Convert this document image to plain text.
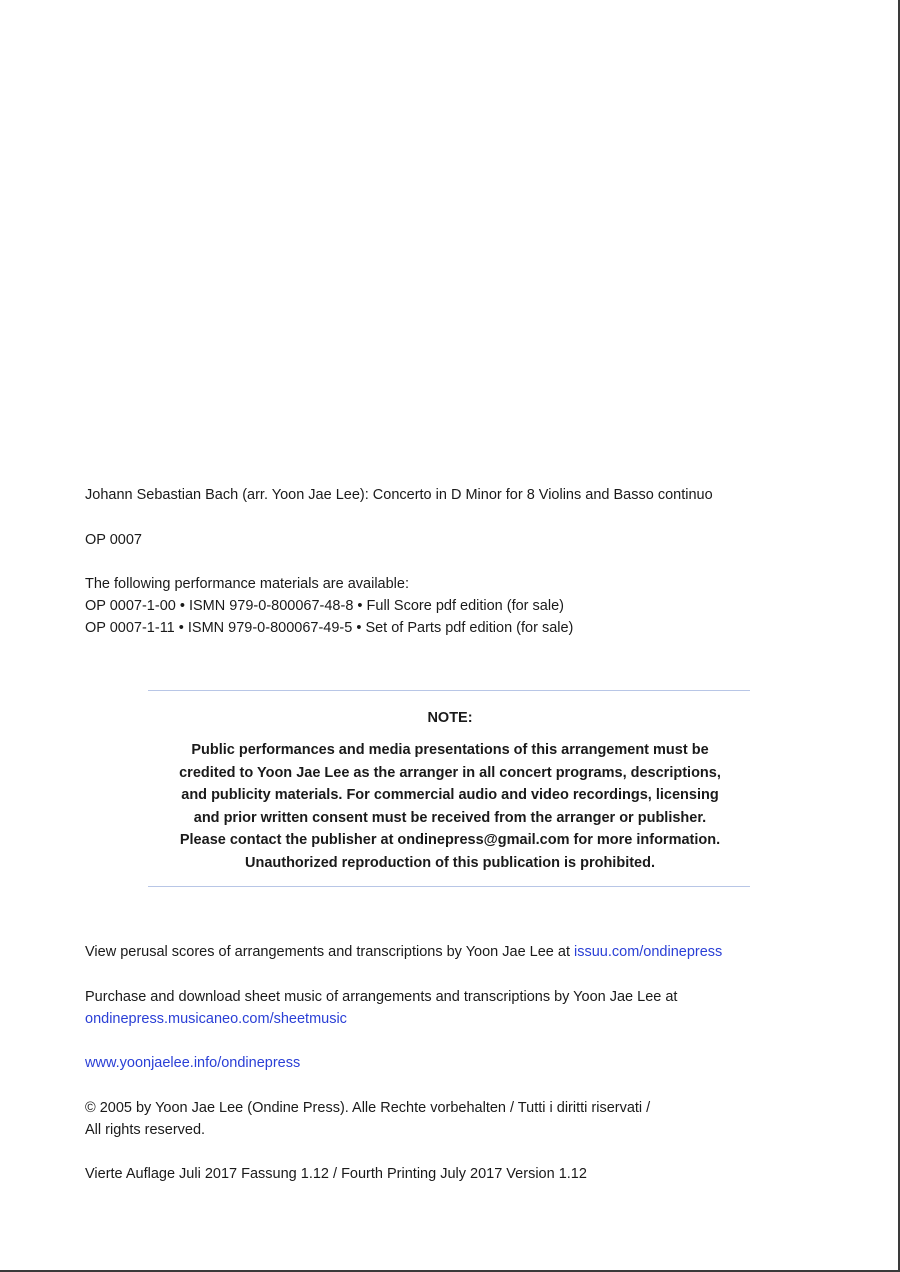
Johann Sebastian Bach (arr. Yoon Jae Lee): Concerto in D Minor for 8 Violins and Basso continuo
OP 0007
The following performance materials are available:
OP 0007-1-00 • ISMN 979-0-800067-48-8 • Full Score pdf edition (for sale)
OP 0007-1-11 • ISMN 979-0-800067-49-5 • Set of Parts pdf edition (for sale)
NOTE:
Public performances and media presentations of this arrangement must be
credited to Yoon Jae Lee as the arranger in all concert programs, descriptions,
and publicity materials. For commercial audio and video recordings, licensing
and prior written consent must be received from the arranger or publisher.
Please contact the publisher at ondinepress@gmail.com for more information.
Unauthorized reproduction of this publication is prohibited.
View perusal scores of arrangements and transcriptions by Yoon Jae Lee at issuu.com/ondinepress
Purchase and download sheet music of arrangements and transcriptions by Yoon Jae Lee at
ondinepress.musicaneo.com/sheetmusic
www.yoonjaelee.info/ondinepress
© 2005 by Yoon Jae Lee (Ondine Press). Alle Rechte vorbehalten / Tutti i diritti riservati /
All rights reserved.
Vierte Auflage Juli 2017 Fassung 1.12 / Fourth Printing July 2017 Version 1.12
